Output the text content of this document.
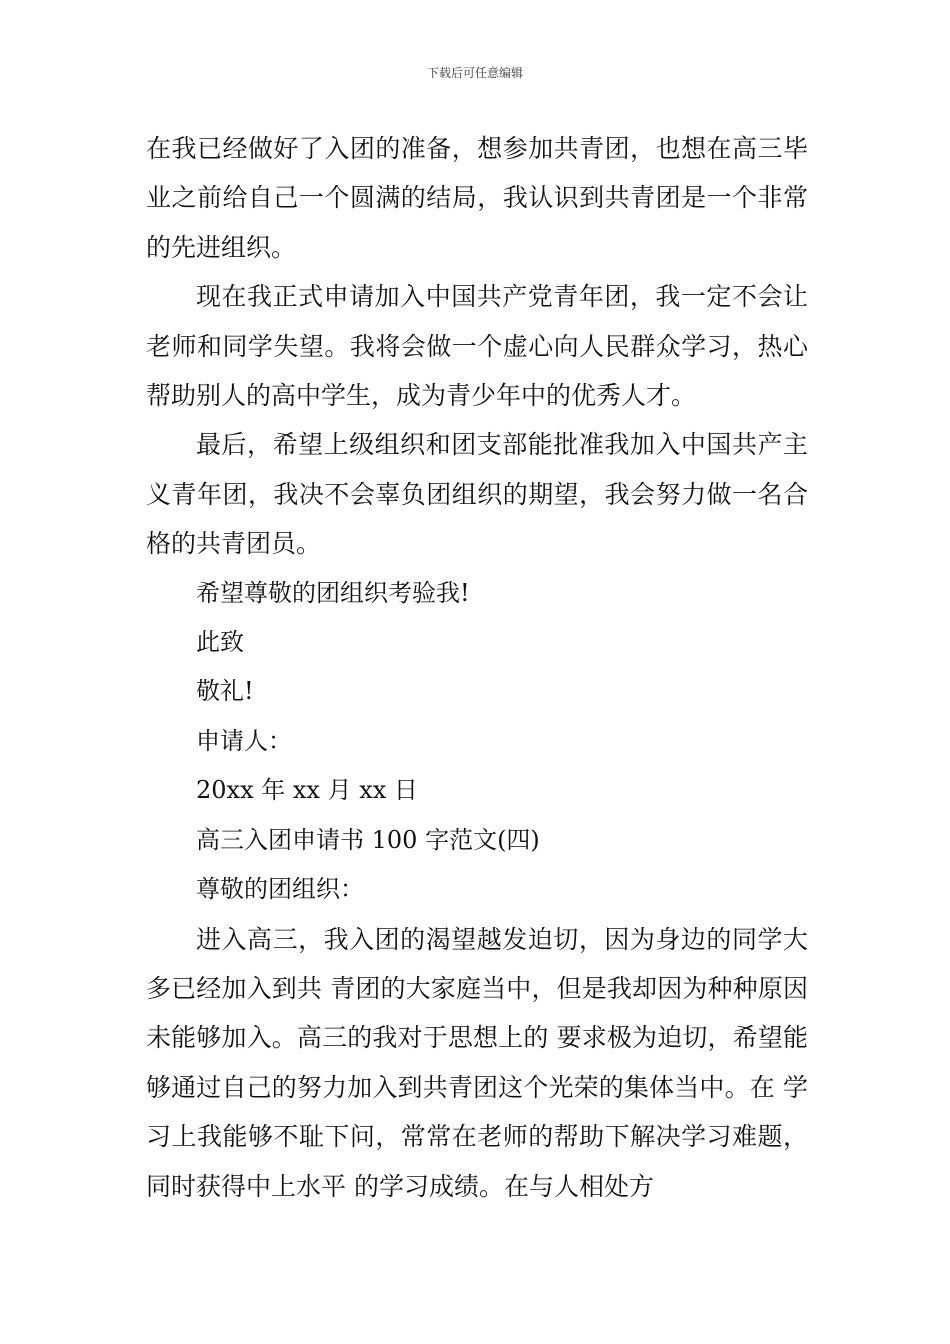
下载后可任意编辑

在我已经做好了入团的准备，想参加共青团，也想在高三毕业之前给自己一个圆满的结局，我认识到共青团是一个非常的先进组织。

现在我正式申请加入中国共产党青年团，我一定不会让老师和同学失望。我将会做一个虚心向人民群众学习，热心帮助别人的高中学生，成为青少年中的优秀人才。

最后，希望上级组织和团支部能批准我加入中国共产主义青年团，我决不会辜负团组织的期望，我会努力做一名合格的共青团员。

希望尊敬的团组织考验我!

此致

敬礼!

申请人：

20xx 年 xx 月 xx 日

高三入团申请书 100 字范文(四)

尊敬的团组织：

进入高三，我入团的渴望越发迫切，因为身边的同学大多已经加入到共 青团的大家庭当中，但是我却因为种种原因未能够加入。高三的我对于思想上的 要求极为迫切，希望能够通过自己的努力加入到共青团这个光荣的集体当中。在 学习上我能够不耻下问，常常在老师的帮助下解决学习难题，同时获得中上水平 的学习成绩。在与人相处方
